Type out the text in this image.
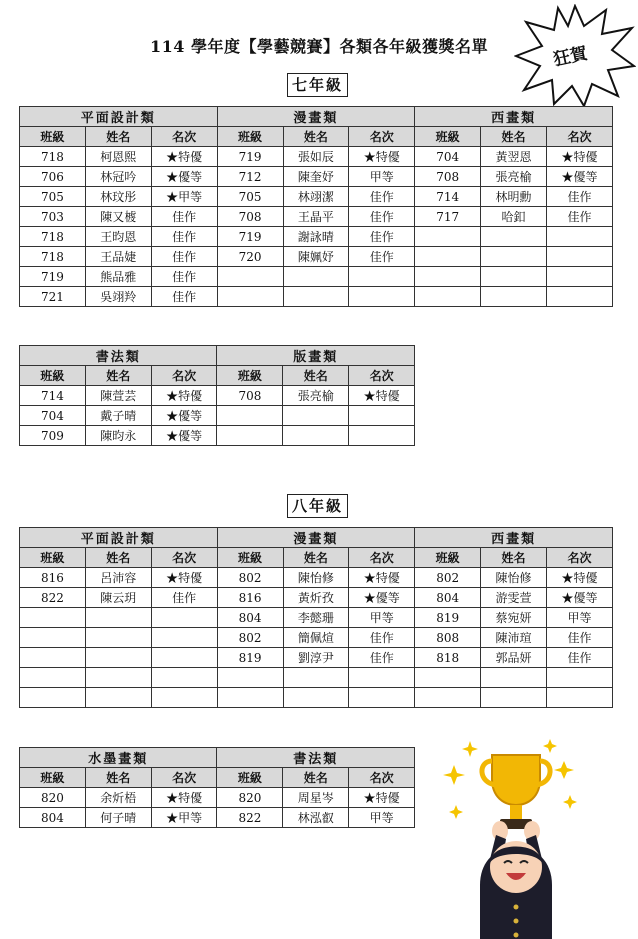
114 學年度【學藝競賽】各類各年級獲獎名單	狂賀
七年級
平面設計類			漫畫類			西畫類		
班級	姓名	名次	班級	姓名	名次	班級	姓名	名次
718	柯恩熙	★特優	719	張如辰	★特優	704	黃翌恩	★特優
706	林冠吟	★優等	712	陳奎妤	甲等	708	張亮榆	★優等
705	林玟彤	★甲等	705	林翊潔	佳作	714	林明勳	佳作
703	陳又榩	佳作	708	王晶平	佳作	717	哈釦	佳作
718	王昀恩	佳作	719	謝詠晴	佳作			
718	王品婕	佳作	720	陳姵妤	佳作			
719	熊品雅	佳作						
721	吳翊羚	佳作						
書法類			版畫類		
班級	姓名	名次	班級	姓名	名次
714	陳萱芸	★特優	708	張亮榆	★特優
704	戴子晴	★優等			
709	陳昀永	★優等			
八年級
平面設計類			漫畫類			西畫類		
班級	姓名	名次	班級	姓名	名次	班級	姓名	名次
816	呂沛容	★特優	802	陳怡修	★特優	802	陳怡修	★特優
822	陳云玥	佳作	816	黃炘孜	★優等	804	游雯萱	★優等
			804	李懿珊	甲等	819	蔡宛妍	甲等
			802	簡佩煊	佳作	808	陳沛瑄	佳作
			819	劉淳尹	佳作	818	郭品妍	佳作

水墨畫類			書法類		
班級	姓名	名次	班級	姓名	名次
820	余炘梧	★特優	820	周星岑	★特優
804	何子晴	★甲等	822	林泓叡	甲等
